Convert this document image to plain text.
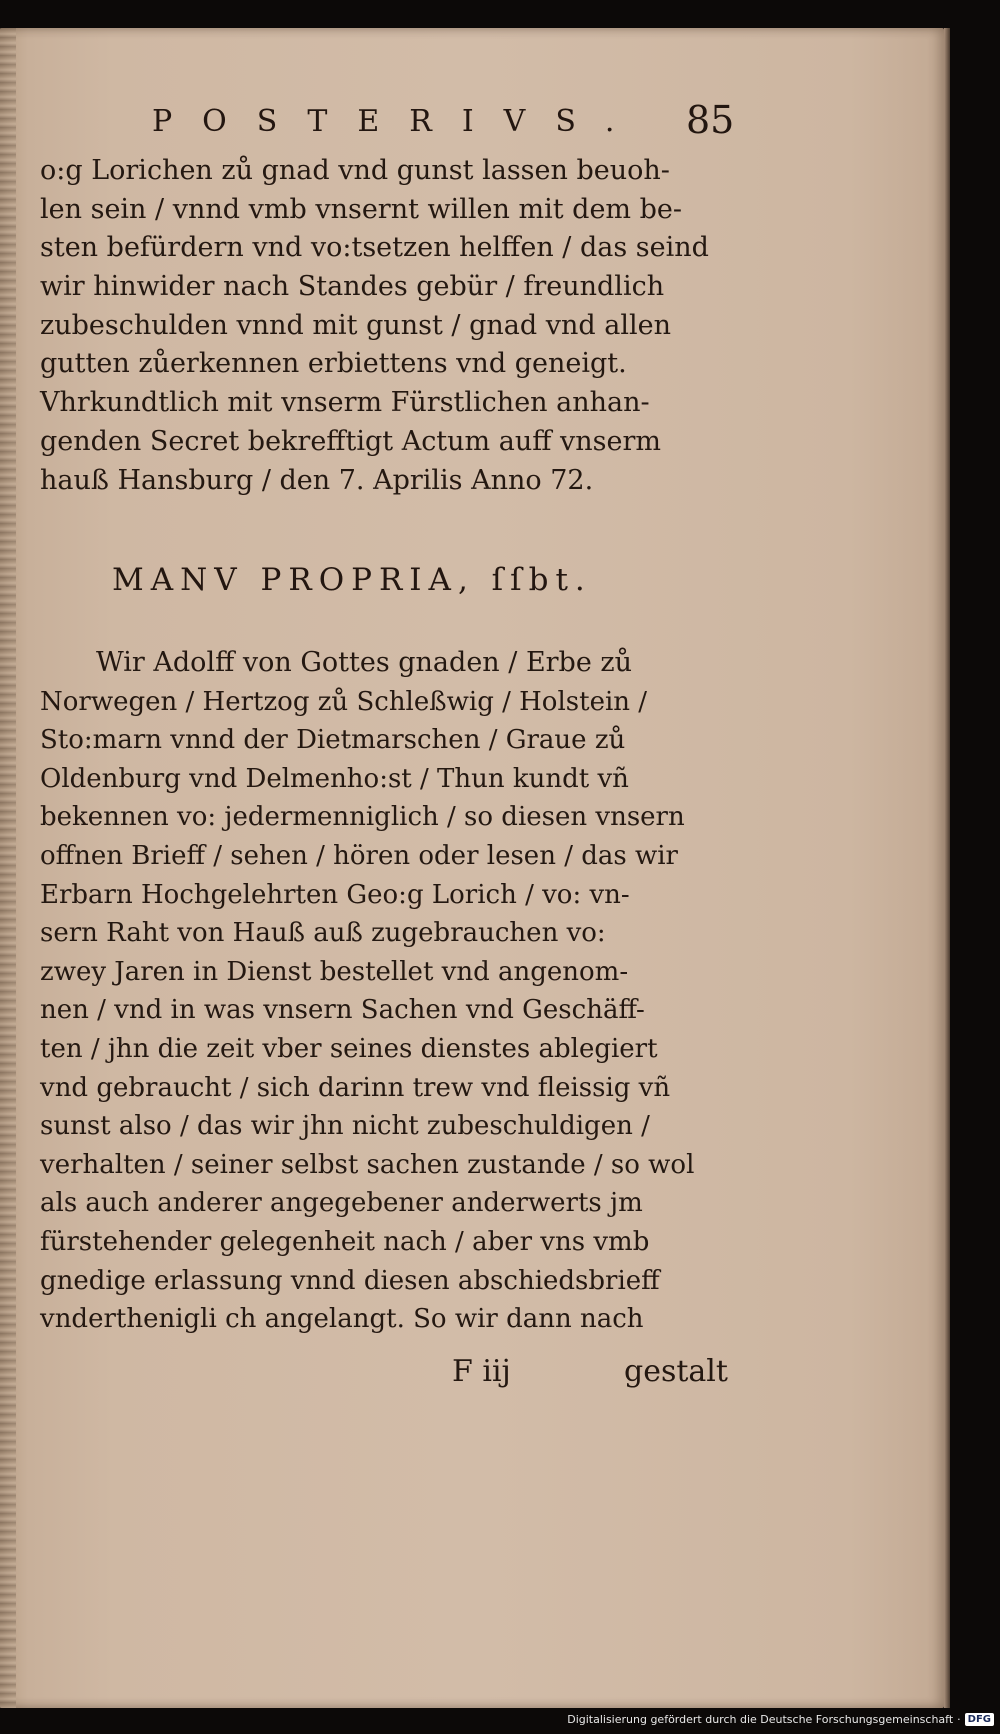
POSTERIVS. 85
o:g Lorichen zů gnad vnd gunst lassen beuoh-
len sein / vnnd vmb vnsernt willen mit dem be-
sten befürdern vnd vo:tsetzen helffen / das seind
wir hinwider nach Standes gebür / freundlich
zubeschulden vnnd mit gunst / gnad vnd allen
gutten zůerkennen erbiettens vnd geneigt.
Vhrkundtlich mit vnserm Fürstlichen anhan-
genden Secret bekrefftigt Actum auff vnserm
hauß Hansburg / den 7. Aprilis Anno 72.
MANV PROPRIA, ſſbt.
Wir Adolff von Gottes gnaden / Erbe zů
Norwegen / Hertzog zů Schleßwig / Holstein /
Sto:marn vnnd der Dietmarschen / Graue zů
Oldenburg vnd Delmenho:st / Thun kundt vñ
bekennen vo: jedermenniglich / so diesen vnsern
offnen Brieff / sehen / hören oder lesen / das wir
Erbarn Hochgelehrten Geo:g Lorich / vo: vn-
sern Raht von Hauß auß zugebrauchen vo:
zwey Jaren in Dienst bestellet vnd angenom-
nen / vnd in was vnsern Sachen vnd Geschäff-
ten / jhn die zeit vber seines dienstes ablegiert
vnd gebraucht / sich darinn trew vnd fleissig vñ
sunst also / das wir jhn nicht zubeschuldigen /
verhalten / seiner selbst sachen zustande / so wol
als auch anderer angegebener anderwerts jm
fürstehender gelegenheit nach / aber vns vmb
gnedige erlassung vnnd diesen abschiedsbrieff
vnderthenigli ch angelangt. So wir dann nach
F iij	gestalt
Digitalisierung gefördert durch die Deutsche Forschungsgemeinschaft · DFG
